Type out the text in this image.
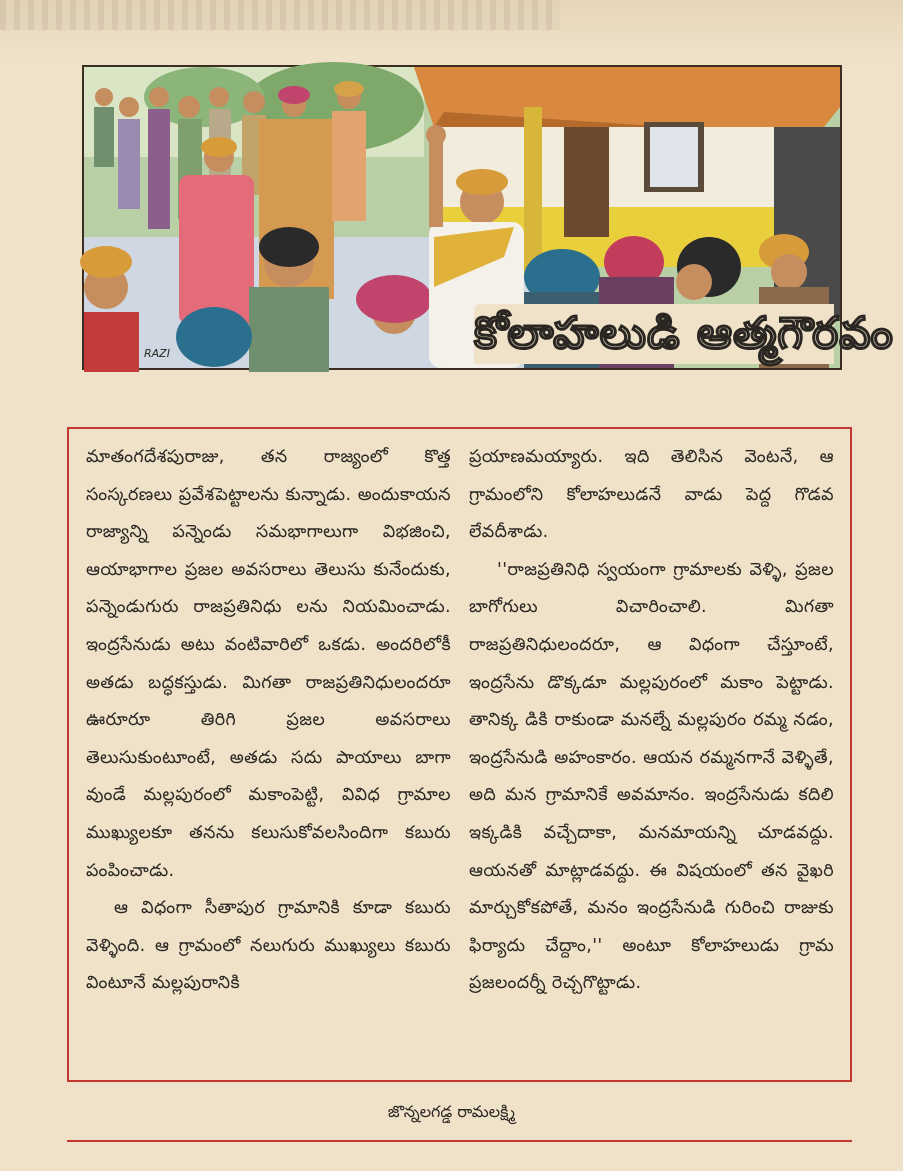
RAZI	కోలాహలుడి ఆత్మగౌరవం

మాతంగదేశపురాజు, తన రాజ్యంలో కొత్త సంస్కరణలు ప్రవేశపెట్టాలను కున్నాడు. అందుకాయన రాజ్యాన్ని పన్నెండు సమభాగాలుగా విభజించి, ఆయాభాగాల ప్రజల అవసరాలు తెలుసు కునేందుకు, పన్నెండుగురు రాజప్రతినిధు లను నియమించాడు. ఇంద్రసేనుడు అటు వంటివారిలో ఒకడు. అందరిలోకీ అతడు బద్ధకస్తుడు. మిగతా రాజప్రతినిధులందరూ ఊరూరూ తిరిగి ప్రజల అవసరాలు తెలుసుకుంటూంటే, అతడు సదు పాయాలు బాగా వుండే మల్లపురంలో మకాంపెట్టి, వివిధ గ్రామాల ముఖ్యులకూ తనను కలుసుకోవలసిందిగా కబురు పంపించాడు.

ఆ విధంగా సీతాపుర గ్రామానికి కూడా కబురు వెళ్ళింది. ఆ గ్రామంలో నలుగురు ముఖ్యులు కబురు వింటూనే మల్లపురానికి

ప్రయాణమయ్యారు. ఇది తెలిసిన వెంటనే, ఆ గ్రామంలోని కోలాహలుడనే వాడు పెద్ద గొడవ లేవదీశాడు.

''రాజప్రతినిధి స్వయంగా గ్రామాలకు వెళ్ళి, ప్రజల బాగోగులు విచారించాలి. మిగతా రాజప్రతినిధులందరూ, ఆ విధంగా చేస్తూంటే, ఇంద్రసేను డొక్కడూ మల్లపురంలో మకాం పెట్టాడు. తానిక్క డికి రాకుండా మనల్నే మల్లపురం రమ్మ నడం, ఇంద్రసేనుడి అహంకారం. ఆయన రమ్మనగానే వెళ్ళితే, అది మన గ్రామానికే అవమానం. ఇంద్రసేనుడు కదిలి ఇక్కడికి వచ్చేదాకా, మనమాయన్ని చూడవద్దు. ఆయనతో మాట్లాడవద్దు. ఈ విషయంలో తన వైఖరి మార్చుకోకపోతే, మనం ఇంద్రసేనుడి గురించి రాజుకు ఫిర్యాదు చేద్దాం,'' అంటూ కోలాహలుడు గ్రామ ప్రజలందర్నీ రెచ్చగొట్టాడు.

జొన్నలగడ్డ రామలక్ష్మి
